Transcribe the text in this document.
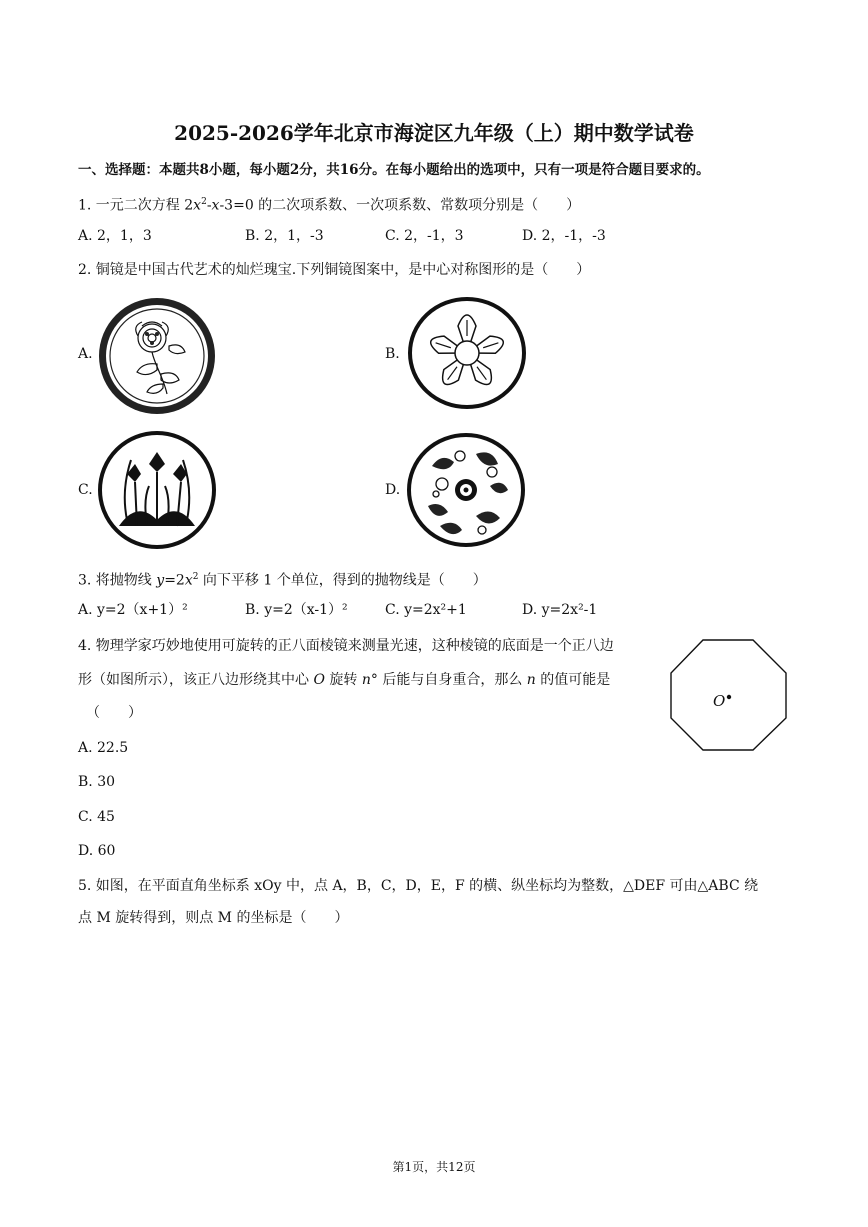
2025-2026学年北京市海淀区九年级（上）期中数学试卷
一、选择题：本题共8小题，每小题2分，共16分。在每小题给出的选项中，只有一项是符合题目要求的。
1. 一元二次方程 $2x^2-x-3=0$ 的二次项系数、一次项系数、常数项分别是（　　）
A. 2，1，3	B. 2，1，-3	C. 2，-1，3	D. 2，-1，-3
2. 铜镜是中国古代艺术的灿烂瑰宝.下列铜镜图案中，是中心对称图形的是（　　）
A.	B.
C.	D.
3. 将抛物线 $y=2x^2$ 向下平移 1 个单位，得到的抛物线是（　　）
A. y=2（x+1）²	B. y=2（x-1）²	C. y=2x²+1	D. y=2x²-1
4. 物理学家巧妙地使用可旋转的正八面棱镜来测量光速，这种棱镜的底面是一个正八边
形（如图所示），该正八边形绕其中心 O 旋转 n° 后能与自身重合，那么 n 的值可能是
（　　）
A. 22.5
B. 30
C. 45
D. 60
O
5. 如图，在平面直角坐标系 xOy 中，点 A，B，C，D，E，F 的横、纵坐标均为整数，△DEF 可由△ABC 绕
点 M 旋转得到，则点 M 的坐标是（　　）
第1页，共12页
